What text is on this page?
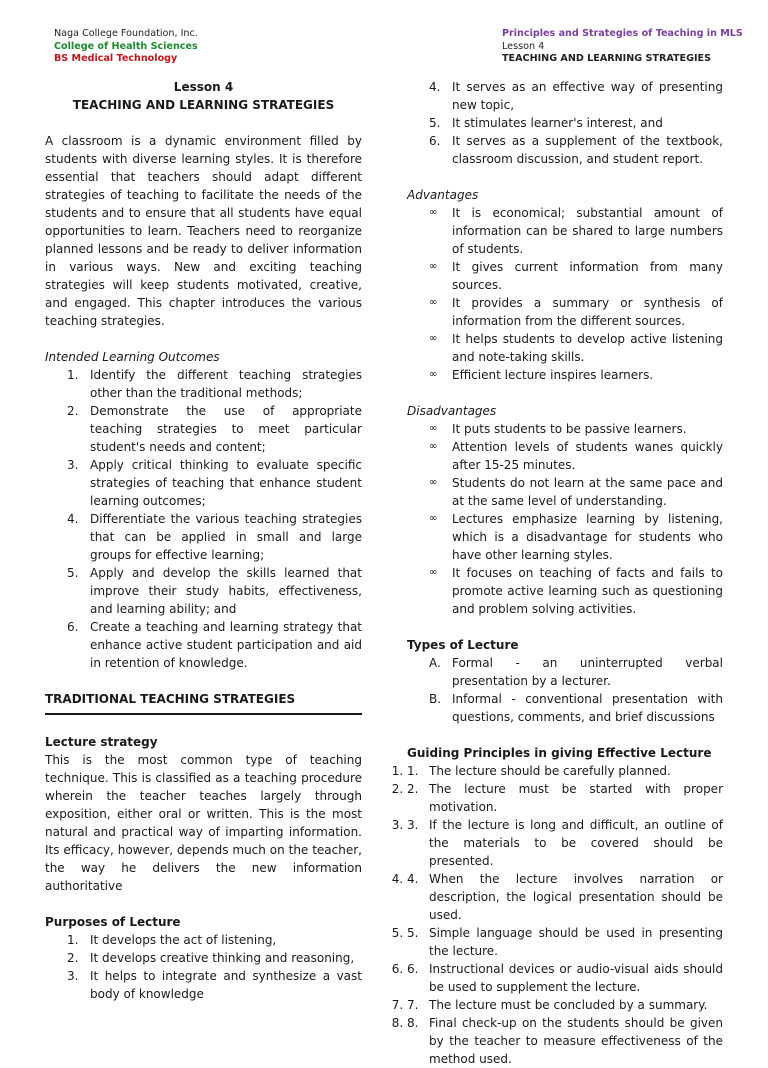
Naga College Foundation, Inc.
College of Health Sciences
BS Medical Technology
Principles and Strategies of Teaching in MLS
Lesson 4
TEACHING AND LEARNING STRATEGIES
Lesson 4
TEACHING AND LEARNING STRATEGIES

A classroom is a dynamic environment filled by students with diverse learning styles. It is therefore essential that teachers should adapt different strategies of teaching to facilitate the needs of the students and to ensure that all students have equal opportunities to learn. Teachers need to reorganize planned lessons and be ready to deliver information in various ways. New and exciting teaching strategies will keep students motivated, creative, and engaged. This chapter introduces the various teaching strategies.

Intended Learning Outcomes
1. Identify the different teaching strategies other than the traditional methods;
2. Demonstrate the use of appropriate teaching strategies to meet particular student's needs and content;
3. Apply critical thinking to evaluate specific strategies of teaching that enhance student learning outcomes;
4. Differentiate the various teaching strategies that can be applied in small and large groups for effective learning;
5. Apply and develop the skills learned that improve their study habits, effectiveness, and learning ability; and
6. Create a teaching and learning strategy that enhance active student participation and aid in retention of knowledge.
TRADITIONAL TEACHING STRATEGIES
Lecture strategy

This is the most common type of teaching technique. This is classified as a teaching procedure wherein the teacher teaches largely through exposition, either oral or written. This is the most natural and practical way of imparting information. Its efficacy, however, depends much on the teacher, the way he delivers the new information authoritative

Purposes of Lecture
1. It develops the act of listening,
2. It develops creative thinking and reasoning,
3. It helps to integrate and synthesize a vast body of knowledge
4. It serves as an effective way of presenting new topic,
5. It stimulates learner's interest, and
6. It serves as a supplement of the textbook, classroom discussion, and student report.
Advantages
∞ It is economical; substantial amount of information can be shared to large numbers of students.
∞ It gives current information from many sources.
∞ It provides a summary or synthesis of information from the different sources.
∞ It helps students to develop active listening and note-taking skills.
∞ Efficient lecture inspires learners.
Disadvantages
∞ It puts students to be passive learners.
∞ Attention levels of students wanes quickly after 15-25 minutes.
∞ Students do not learn at the same pace and at the same level of understanding.
∞ Lectures emphasize learning by listening, which is a disadvantage for students who have other learning styles.
∞ It focuses on teaching of facts and fails to promote active learning such as questioning and problem solving activities.
Types of Lecture
A. Formal - an uninterrupted verbal presentation by a lecturer.
B. Informal - conventional presentation with questions, comments, and brief discussions
Guiding Principles in giving Effective Lecture
1. 1. The lecture should be carefully planned.
2. 2. The lecture must be started with proper motivation.
3. 3. If the lecture is long and difficult, an outline of the materials to be covered should be presented.
4. 4. When the lecture involves narration or description, the logical presentation should be used.
5. 5. Simple language should be used in presenting the lecture.
6. 6. Instructional devices or audio-visual aids should be used to supplement the lecture.
7. 7. The lecture must be concluded by a summary.
8. 8. Final check-up on the students should be given by the teacher to measure effectiveness of the method used.
